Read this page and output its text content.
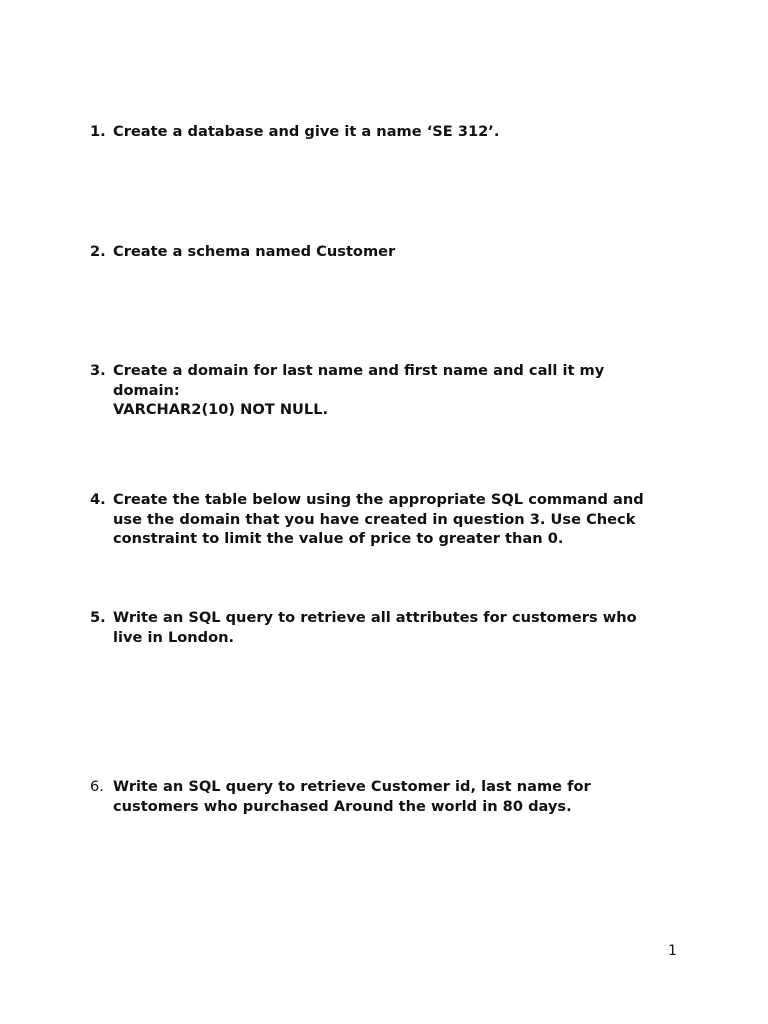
1. Create a database and give it a name ‘SE 312’.
2. Create a schema named Customer
3. Create a domain for last name and first name and call it my
domain:
VARCHAR2(10) NOT NULL.
4. Create the table below using the appropriate SQL command and
use the domain that you have created in question 3. Use Check
constraint to limit the value of price to greater than 0.
5. Write an SQL query to retrieve all attributes for customers who
live in London.
6. Write an SQL query to retrieve Customer id, last name for
customers who purchased Around the world in 80 days.
1
